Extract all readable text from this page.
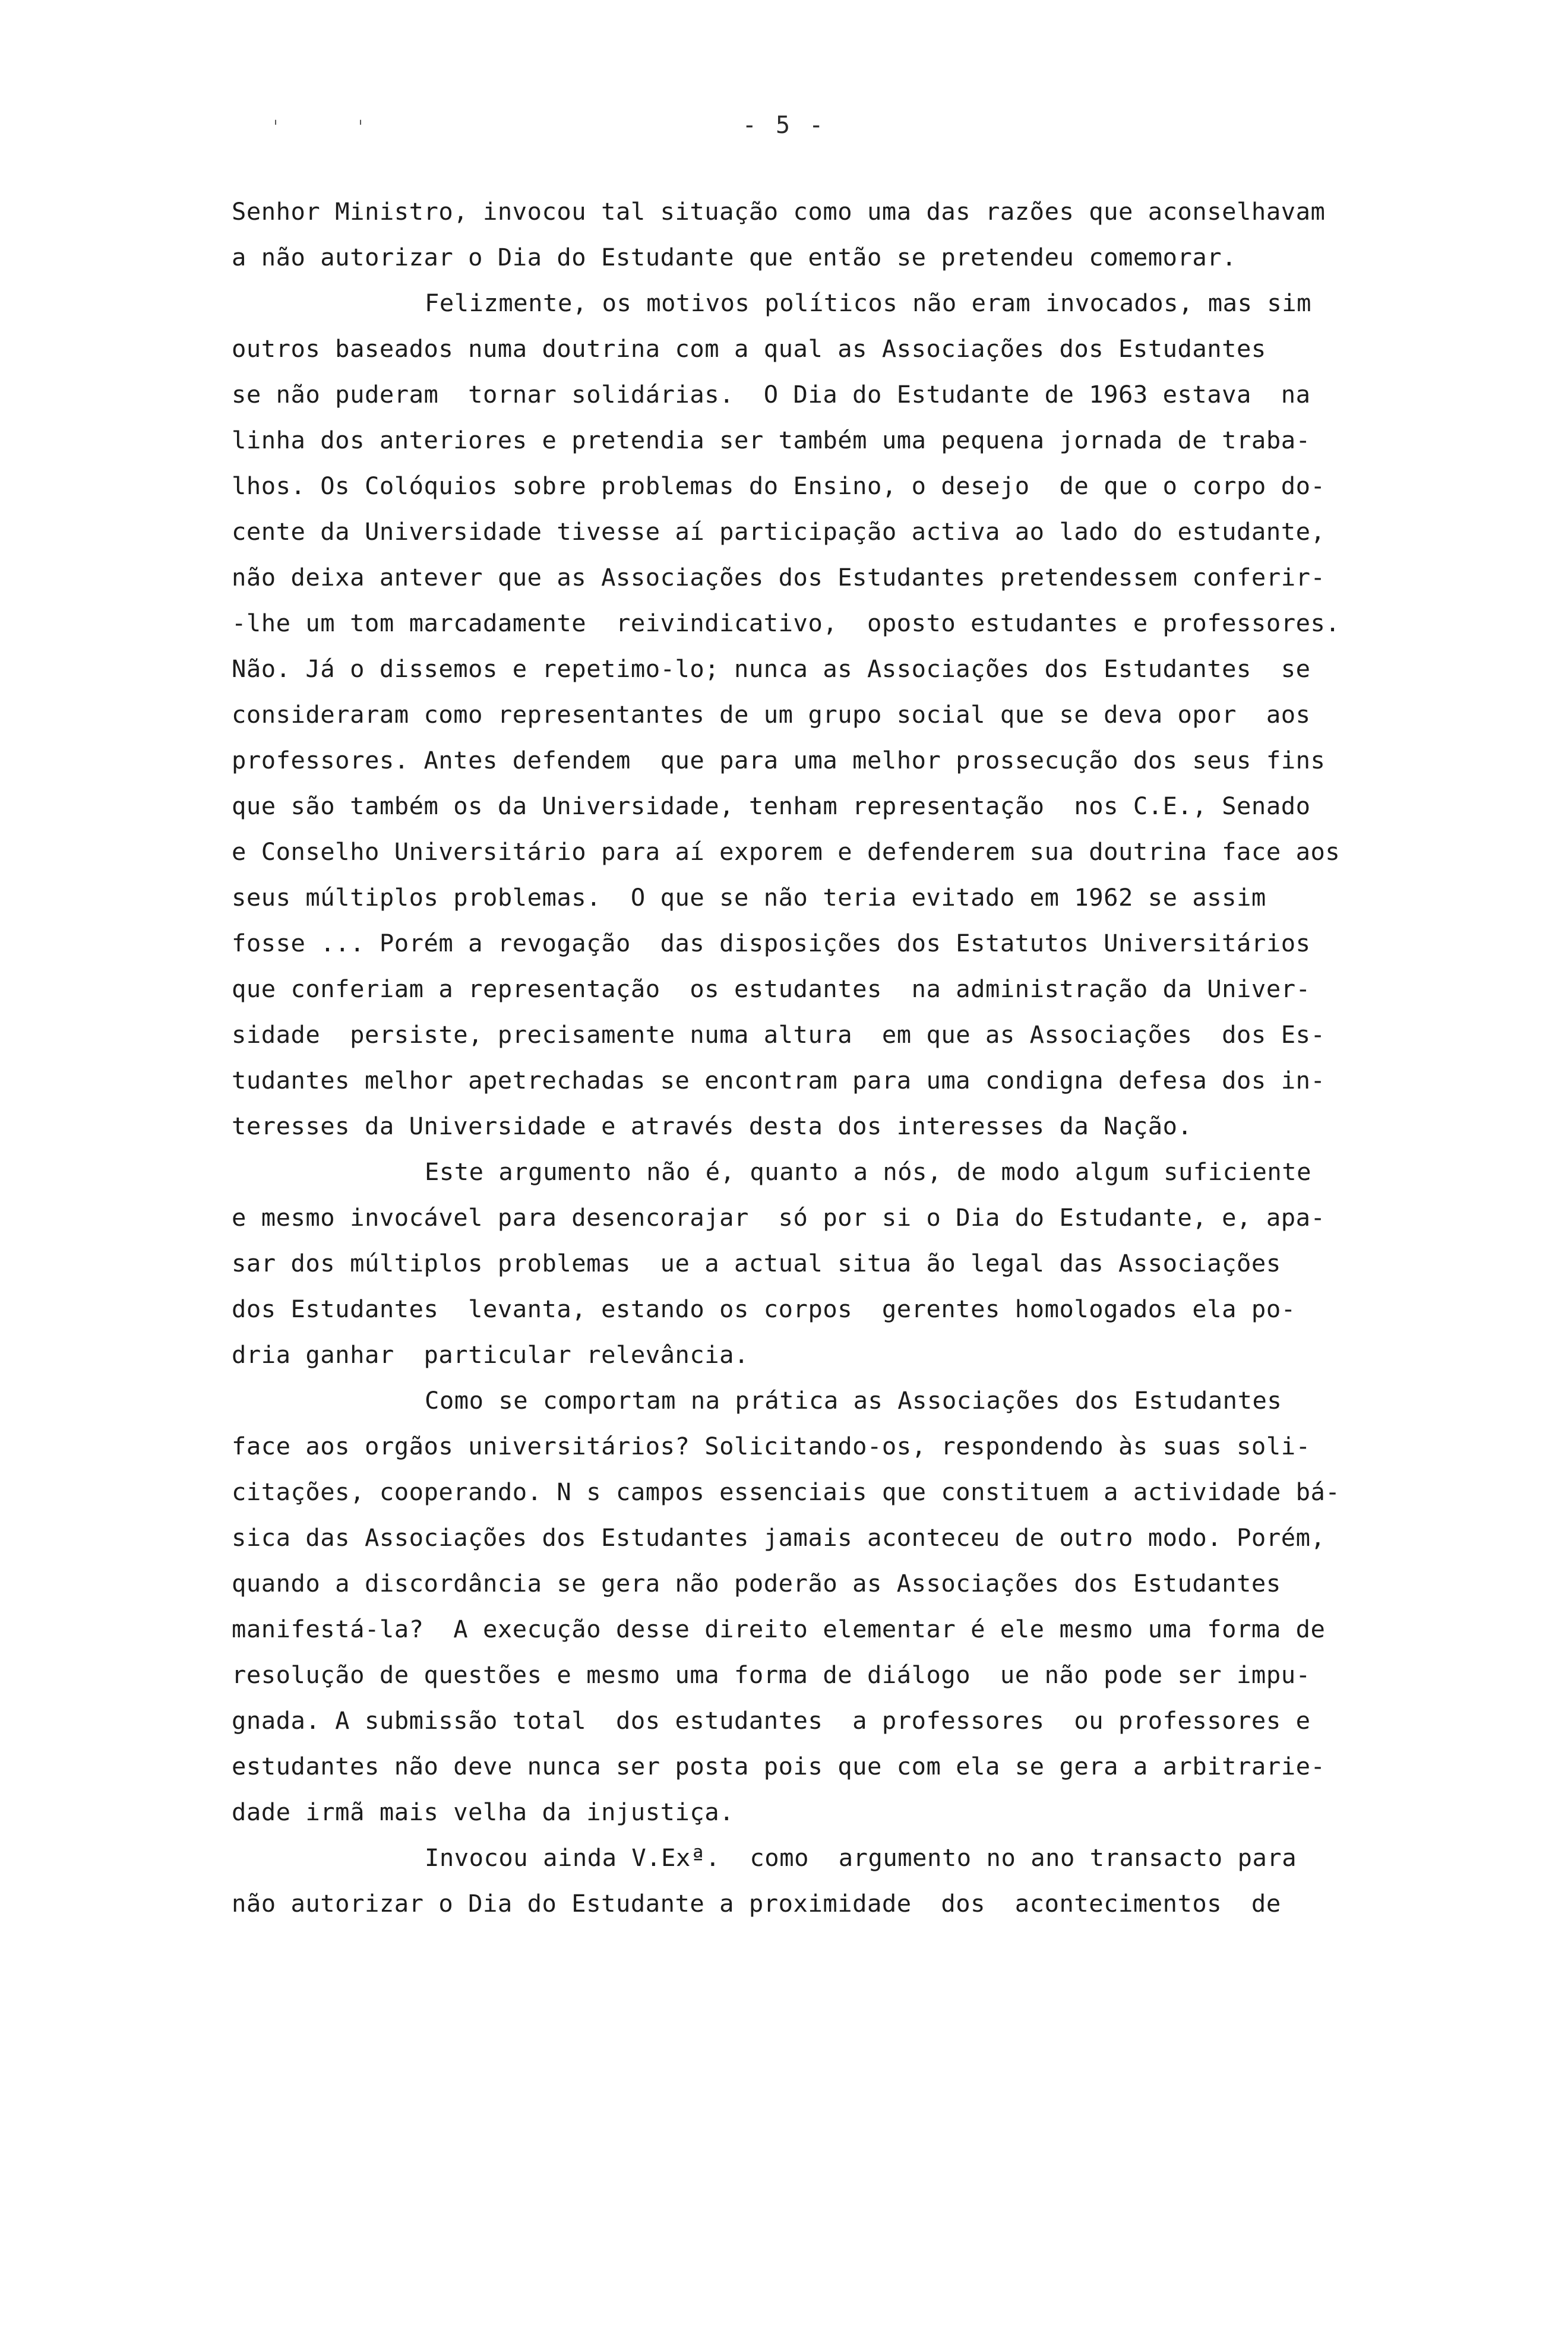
ˈ	ˈ	- 5 -
Senhor Ministro, invocou tal situação como uma das razões que aconselhavam
a não autorizar o Dia do Estudante que então se pretendeu comemorar.
Felizmente, os motivos políticos não eram invocados, mas sim
outros baseados numa doutrina com a qual as Associações dos Estudantes
se não puderam  tornar solidárias.  O Dia do Estudante de 1963 estava  na
linha dos anteriores e pretendia ser também uma pequena jornada de traba-
lhos. Os Colóquios sobre problemas do Ensino, o desejo  de que o corpo do-
cente da Universidade tivesse aí participação activa ao lado do estudante,
não deixa antever que as Associações dos Estudantes pretendessem conferir-
-lhe um tom marcadamente  reivindicativo,  oposto estudantes e professores.
Não. Já o dissemos e repetimo-lo; nunca as Associações dos Estudantes  se
consideraram como representantes de um grupo social que se deva opor  aos
professores. Antes defendem  que para uma melhor prossecução dos seus fins
que são também os da Universidade, tenham representação  nos C.E., Senado
e Conselho Universitário para aí exporem e defenderem sua doutrina face aos
seus múltiplos problemas.  O que se não teria evitado em 1962 se assim
fosse ... Porém a revogação  das disposições dos Estatutos Universitários
que conferiam a representação  os estudantes  na administração da Univer-
sidade  persiste, precisamente numa altura  em que as Associações  dos Es-
tudantes melhor apetrechadas se encontram para uma condigna defesa dos in-
teresses da Universidade e através desta dos interesses da Nação.
Este argumento não é, quanto a nós, de modo algum suficiente
e mesmo invocável para desencorajar  só por si o Dia do Estudante, e, apa-
sar dos múltiplos problemas  ue a actual situa ão legal das Associações
dos Estudantes  levanta, estando os corpos  gerentes homologados ela po-
dria ganhar  particular relevância.
Como se comportam na prática as Associações dos Estudantes
face aos orgãos universitários? Solicitando-os, respondendo às suas soli-
citações, cooperando. N s campos essenciais que constituem a actividade bá-
sica das Associações dos Estudantes jamais aconteceu de outro modo. Porém,
quando a discordância se gera não poderão as Associações dos Estudantes
manifestá-la?  A execução desse direito elementar é ele mesmo uma forma de
resolução de questões e mesmo uma forma de diálogo  ue não pode ser impu-
gnada. A submissão total  dos estudantes  a professores  ou professores e
estudantes não deve nunca ser posta pois que com ela se gera a arbitrarie-
dade irmã mais velha da injustiça.
Invocou ainda V.Exª.  como  argumento no ano transacto para
não autorizar o Dia do Estudante a proximidade  dos  acontecimentos  de
